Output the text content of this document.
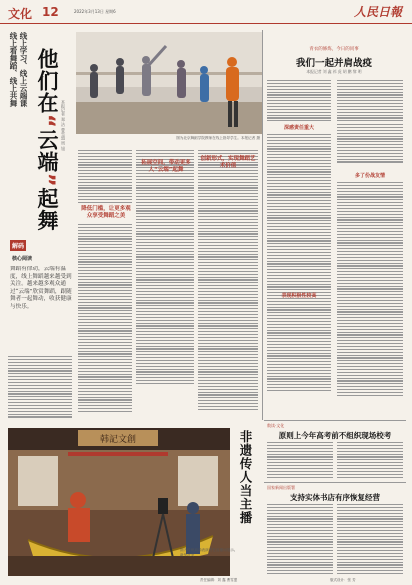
文化 12	2022年3月13日 星期6	人民日報
线上看舞蹈、线上共舞 线上学习、线上云端课 他们在“云端”起舞
本报记者 郑 洁 曹雪盟 周 旭
解码
核心阅读
舞蹈有律动，云端有温度，线上舞蹈越来越受到关注。越来越多观众通过“云端”欣赏舞蹈，跟随舞者一起舞动，收获健康与快乐。
图为北京舞蹈学院教师在线上指导学生。本报记者 摄
降低门槛，让更多观众享受舞蹈之美
拓展空间，带动更多人“云端”起舞
创新形式，实现舞蹈艺术价值
青衣的修炼，今日的同事
我们一起并肩战疫
本报记者 刘 鑫 祁 虎 胡 鹏 黎 明
深感责任重大
多了份战友情
表现积极性较高
数读·文化
原则上今年高考前不组织现场校考
国家新闻出版署
支持实体书店有序恢复经营
韩記文創	非遗传人当主播
图为传统戏曲表演者在直播间展示。新华社发
责任编辑：刘 鑫 曹雪盟	版式设计：张 芳
